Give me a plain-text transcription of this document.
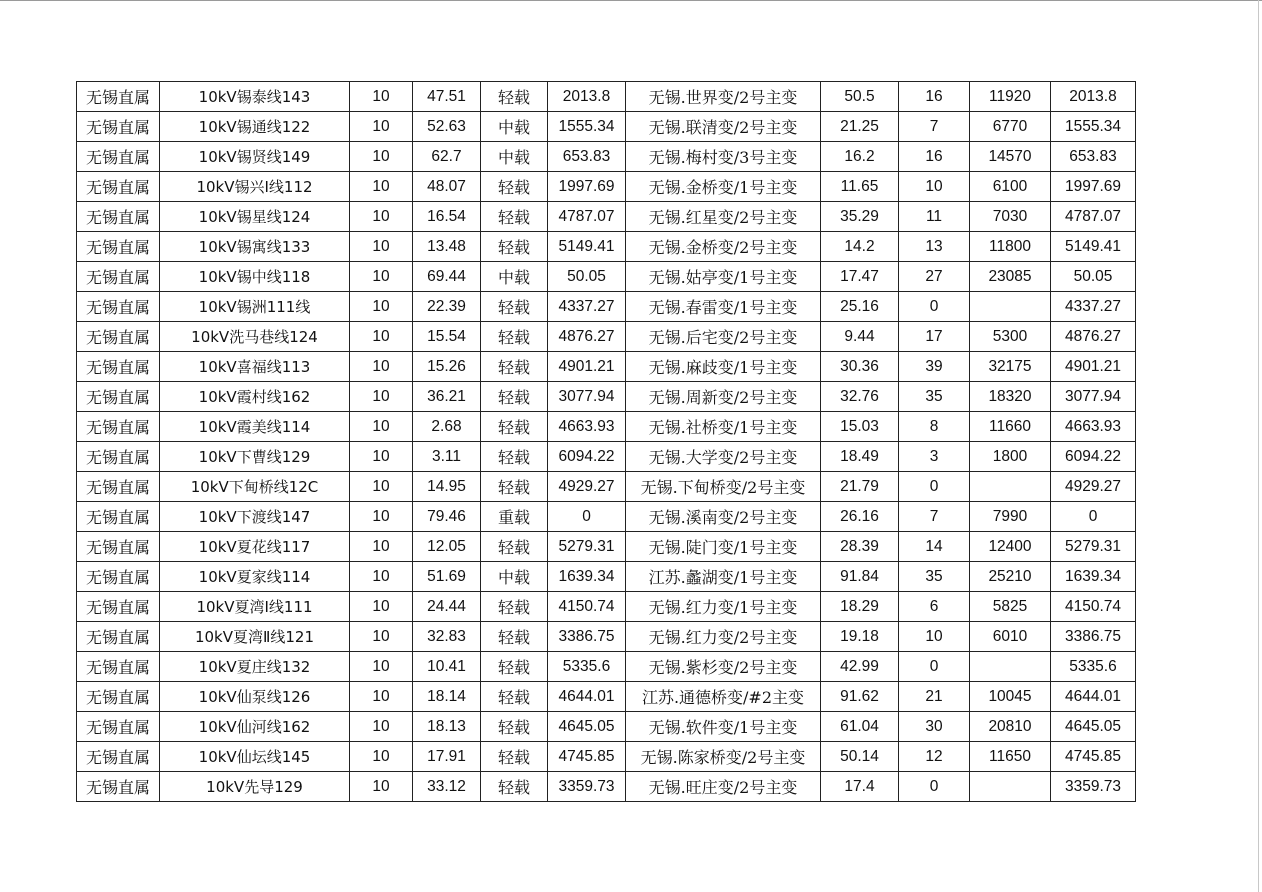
无锡直属	10kV锡泰线143	10	47.51	轻载	2013.8	无锡.世界变/2号主变	50.5	16	11920	2013.8
无锡直属	10kV锡通线122	10	52.63	中载	1555.34	无锡.联清变/2号主变	21.25	7	6770	1555.34
无锡直属	10kV锡贤线149	10	62.7	中载	653.83	无锡.梅村变/3号主变	16.2	16	14570	653.83
无锡直属	10kV锡兴Ⅰ线112	10	48.07	轻载	1997.69	无锡.金桥变/1号主变	11.65	10	6100	1997.69
无锡直属	10kV锡星线124	10	16.54	轻载	4787.07	无锡.红星变/2号主变	35.29	11	7030	4787.07
无锡直属	10kV锡寓线133	10	13.48	轻载	5149.41	无锡.金桥变/2号主变	14.2	13	11800	5149.41
无锡直属	10kV锡中线118	10	69.44	中载	50.05	无锡.姑亭变/1号主变	17.47	27	23085	50.05
无锡直属	10kV锡洲111线	10	22.39	轻载	4337.27	无锡.春雷变/1号主变	25.16	0		4337.27
无锡直属	10kV洗马巷线124	10	15.54	轻载	4876.27	无锡.后宅变/2号主变	9.44	17	5300	4876.27
无锡直属	10kV喜福线113	10	15.26	轻载	4901.21	无锡.麻歧变/1号主变	30.36	39	32175	4901.21
无锡直属	10kV霞村线162	10	36.21	轻载	3077.94	无锡.周新变/2号主变	32.76	35	18320	3077.94
无锡直属	10kV霞美线114	10	2.68	轻载	4663.93	无锡.社桥变/1号主变	15.03	8	11660	4663.93
无锡直属	10kV下曹线129	10	3.11	轻载	6094.22	无锡.大学变/2号主变	18.49	3	1800	6094.22
无锡直属	10kV下甸桥线12C	10	14.95	轻载	4929.27	无锡.下甸桥变/2号主变	21.79	0		4929.27
无锡直属	10kV下渡线147	10	79.46	重载	0	无锡.溪南变/2号主变	26.16	7	7990	0
无锡直属	10kV夏花线117	10	12.05	轻载	5279.31	无锡.陡门变/1号主变	28.39	14	12400	5279.31
无锡直属	10kV夏家线114	10	51.69	中载	1639.34	江苏.蠡湖变/1号主变	91.84	35	25210	1639.34
无锡直属	10kV夏湾Ⅰ线111	10	24.44	轻载	4150.74	无锡.红力变/1号主变	18.29	6	5825	4150.74
无锡直属	10kV夏湾Ⅱ线121	10	32.83	轻载	3386.75	无锡.红力变/2号主变	19.18	10	6010	3386.75
无锡直属	10kV夏庄线132	10	10.41	轻载	5335.6	无锡.紫杉变/2号主变	42.99	0		5335.6
无锡直属	10kV仙泵线126	10	18.14	轻载	4644.01	江苏.通德桥变/#2主变	91.62	21	10045	4644.01
无锡直属	10kV仙河线162	10	18.13	轻载	4645.05	无锡.软件变/1号主变	61.04	30	20810	4645.05
无锡直属	10kV仙坛线145	10	17.91	轻载	4745.85	无锡.陈家桥变/2号主变	50.14	12	11650	4745.85
无锡直属	10kV先导129	10	33.12	轻载	3359.73	无锡.旺庄变/2号主变	17.4	0		3359.73
